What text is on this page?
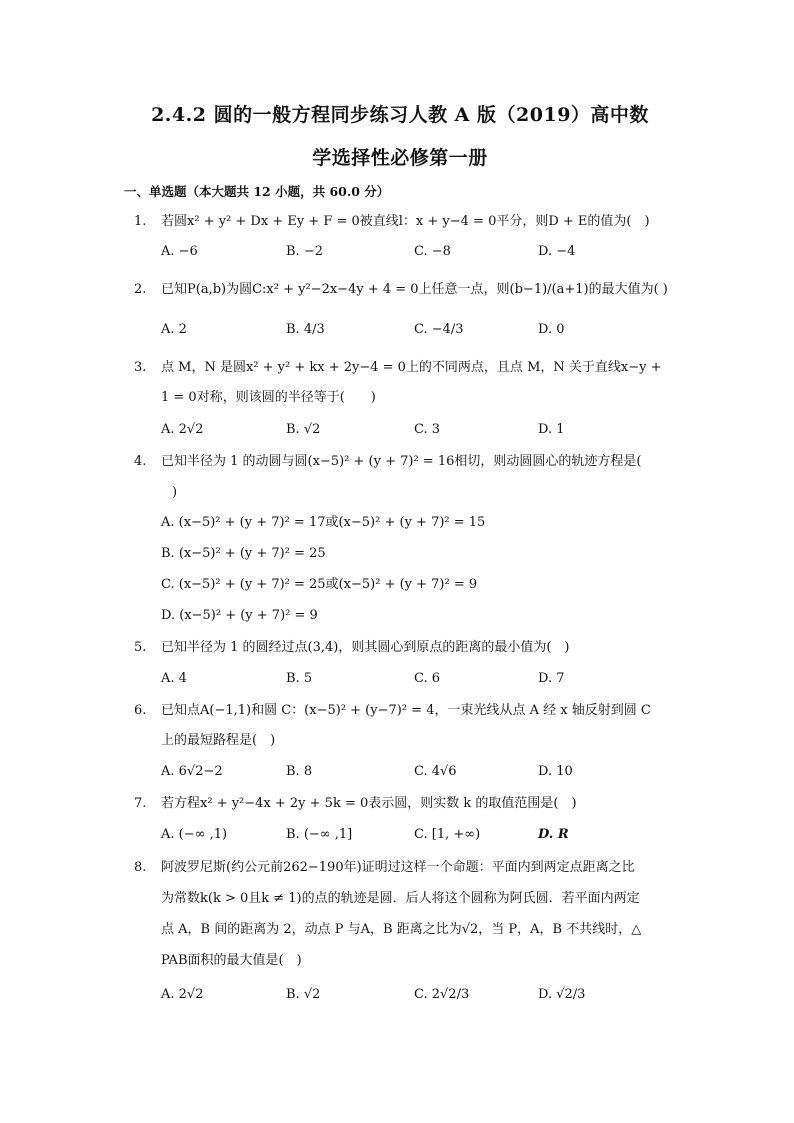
2.4.2 圆的一般方程同步练习人教 A 版（2019）高中数
学选择性必修第一册
一、单选题（本大题共 12 小题，共 60.0 分）
1.	若圆x² + y² + Dx + Ey + F = 0被直线l：x + y−4 = 0平分，则D + E的值为(　)
A. −6	B. −2	C. −8	D. −4
2.	已知P(a,b)为圆C:x² + y²−2x−4y + 4 = 0上任意一点，则(b−1)/(a+1)的最大值为( )
A. 2	B. 4/3	C. −4/3	D. 0
3.	点 M，N 是圆x² + y² + kx + 2y−4 = 0上的不同两点，且点 M，N 关于直线x−y +
1 = 0对称，则该圆的半径等于(　　)
A. 2√2	B. √2	C. 3	D. 1
4.	已知半径为 1 的动圆与圆(x−5)² + (y + 7)² = 16相切，则动圆圆心的轨迹方程是(
)
A. (x−5)² + (y + 7)² = 17或(x−5)² + (y + 7)² = 15
B. (x−5)² + (y + 7)² = 25
C. (x−5)² + (y + 7)² = 25或(x−5)² + (y + 7)² = 9
D. (x−5)² + (y + 7)² = 9
5.	已知半径为 1 的圆经过点(3,4)，则其圆心到原点的距离的最小值为(　)
A. 4	B. 5	C. 6	D. 7
6.	已知点A(−1,1)和圆 C：(x−5)² + (y−7)² = 4，一束光线从点 A 经 x 轴反射到圆 C
上的最短路程是(　)
A. 6√2−2	B. 8	C. 4√6	D. 10
7.	若方程x² + y²−4x + 2y + 5k = 0表示圆，则实数 k 的取值范围是(　)
A. (−∞ ,1)	B. (−∞ ,1]	C. [1, +∞)	D. R
8.	阿波罗尼斯(约公元前262−190年)证明过这样一个命题：平面内到两定点距离之比
为常数k(k > 0且k ≠ 1)的点的轨迹是圆．后人将这个圆称为阿氏圆．若平面内两定
点 A，B 间的距离为 2，动点 P 与A，B 距离之比为√2，当 P，A，B 不共线时，△
PAB面积的最大值是(　)
A. 2√2	B. √2	C. 2√2/3	D. √2/3
